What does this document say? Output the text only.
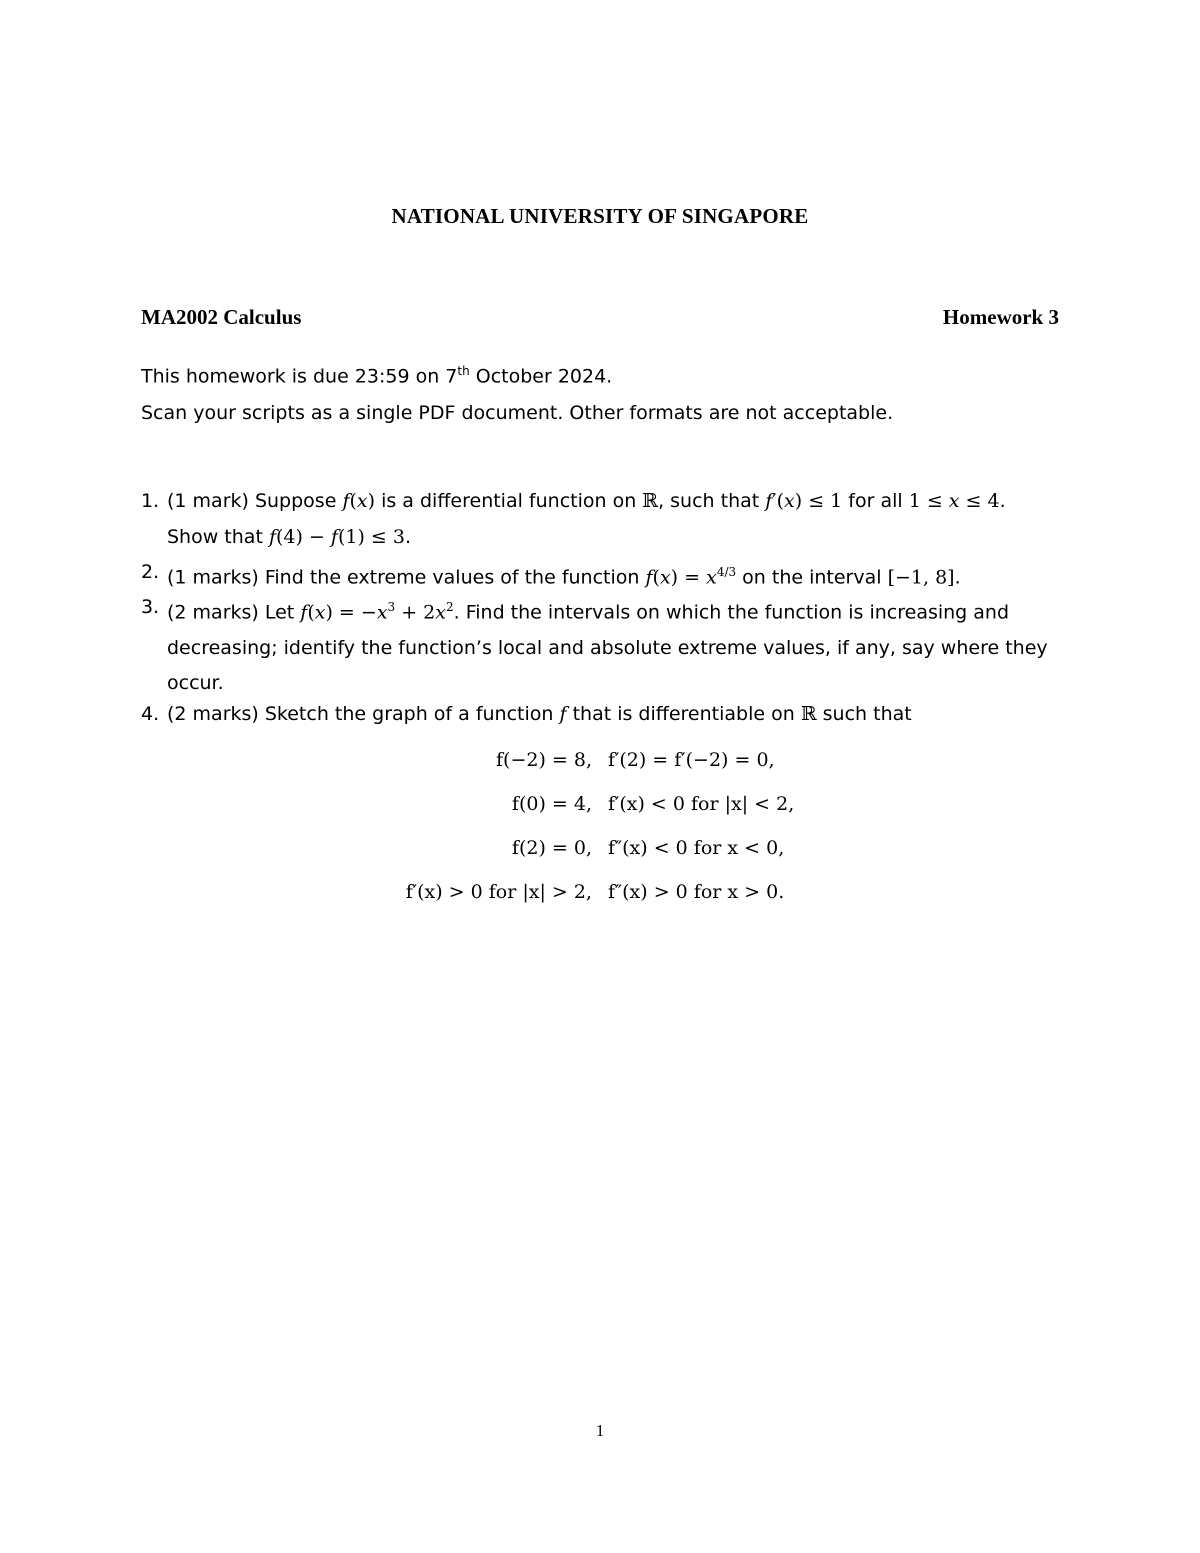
NATIONAL UNIVERSITY OF SINGAPORE
MA2002 Calculus	Homework 3
This homework is due 23:59 on 7th October 2024.
Scan your scripts as a single PDF document. Other formats are not acceptable.
1. (1 mark) Suppose f(x) is a differential function on ℝ, such that f′(x) ≤ 1 for all 1 ≤ x ≤ 4.
Show that f(4) − f(1) ≤ 3.
2. (1 marks) Find the extreme values of the function $f(x) = x^{4/3}$ on the interval [−1, 8].
3. (2 marks) Let $f(x) = -x^3 + 2x^2$. Find the intervals on which the function is increasing and decreasing; identify the function’s local and absolute extreme values, if any, say where they occur.
4. (2 marks) Sketch the graph of a function f that is differentiable on ℝ such that
f(−2) = 8, f′(2) = f′(−2) = 0,
f(0) = 4, f′(x) < 0 for |x| < 2,
f(2) = 0, f″(x) < 0 for x < 0,
f′(x) > 0 for |x| > 2, f″(x) > 0 for x > 0.
1
